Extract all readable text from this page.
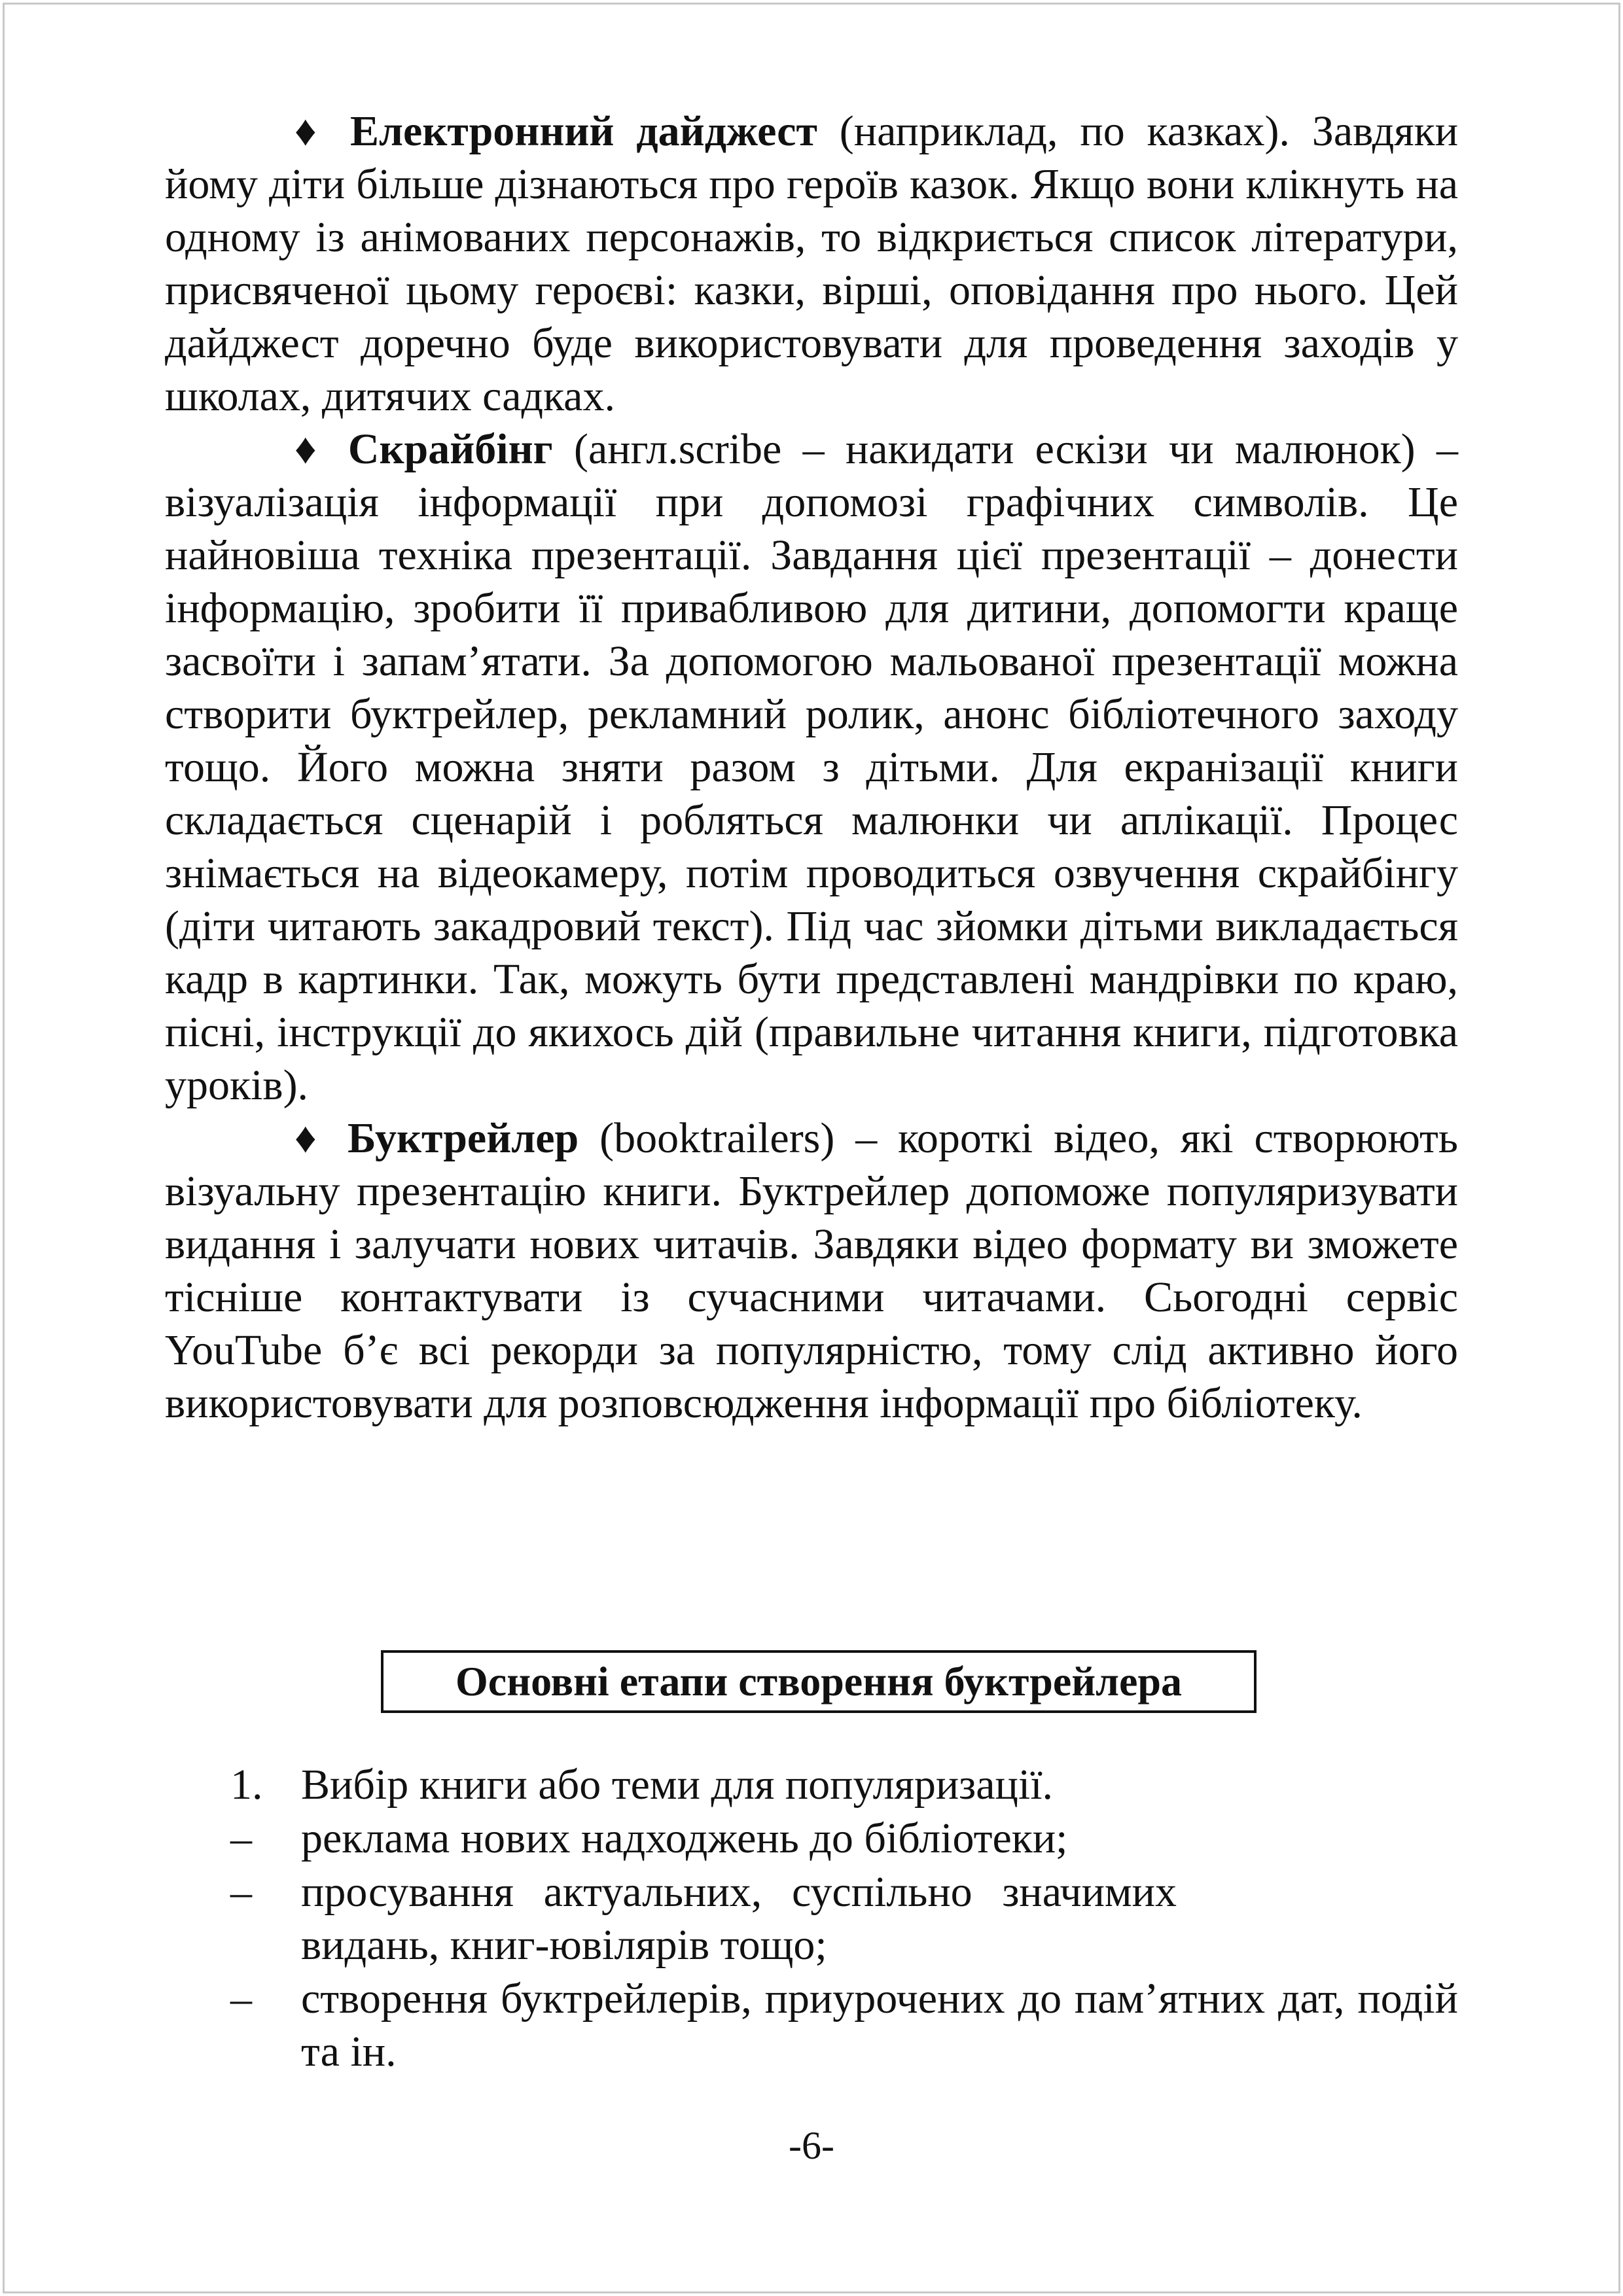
♦ Електронний дайджест (наприклад, по казках). Завдяки йому діти більше дізнаються про героїв казок. Якщо вони клікнуть на одному із анімованих персонажів, то відкриється список літератури, присвяченої цьому героєві: казки, вірші, оповідання про нього. Цей дайджест доречно буде використовувати для проведення заходів у школах, дитячих садках.

♦ Скрайбінг (англ.scribe – накидати ескізи чи малюнок) – візуалізація інформації при допомозі графічних символів. Це найновіша техніка презентації. Завдання цієї презентації – донести інформацію, зробити її привабливою для дитини, допомогти краще засвоїти і запам’ятати. За допомогою мальованої презентації можна створити буктрейлер, рекламний ролик, анонс бібліотечного заходу тощо. Його можна зняти разом з дітьми. Для екранізації книги складається сценарій і робляться малюнки чи аплікації. Процес знімається на відеокамеру, потім проводиться озвучення скрайбінгу (діти читають закадровий текст). Під час зйомки дітьми викладається кадр в картинки. Так, можуть бути представлені мандрівки по краю, пісні, інструкції до якихось дій (правильне читання книги, підготовка уроків).

♦ Буктрейлер (booktrailers) – короткі відео, які створюють візуальну презентацію книги. Буктрейлер допоможе популяризувати видання і залучати нових читачів. Завдяки відео формату ви зможете тісніше контактувати із сучасними читачами. Сьогодні сервіс YouTube б’є всі рекорди за популярністю, тому слід активно його використовувати для розповсюдження інформації про бібліотеку.

Основні етапи створення буктрейлера
1. Вибір книги або теми для популяризації.
– реклама нових надходжень до бібліотеки;
– просування актуальних, суспільно значимих видань, книг-ювілярів тощо;
– створення буктрейлерів, приурочених до пам’ятних дат, подій та ін.
-6-
